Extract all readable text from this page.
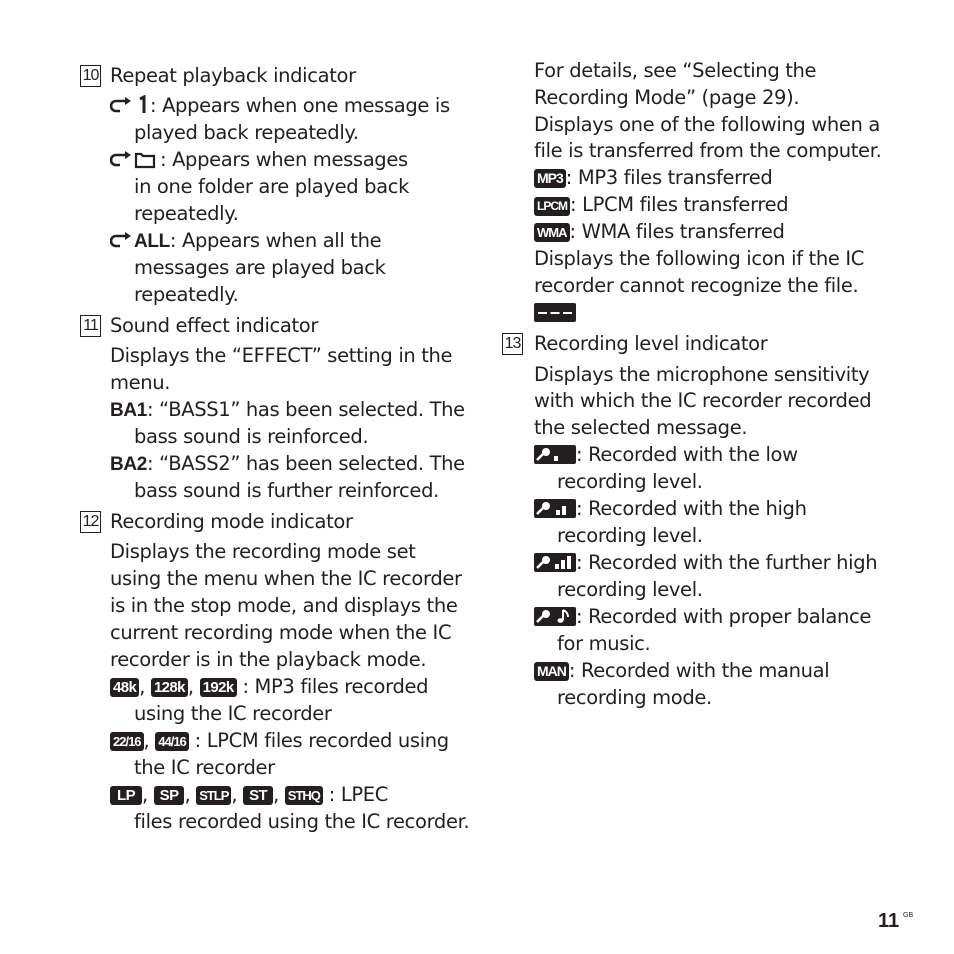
10 Repeat playback indicator
: Appears when one message is
played back repeatedly.
: Appears when messages
in one folder are played back
repeatedly.
ALL: Appears when all the
messages are played back
repeatedly.
11 Sound effect indicator
Displays the “EFFECT” setting in the
menu.
BA1: “BASS1” has been selected. The
bass sound is reinforced.
BA2: “BASS2” has been selected. The
bass sound is further reinforced.
12 Recording mode indicator
Displays the recording mode set
using the menu when the IC recorder
is in the stop mode, and displays the
current recording mode when the IC
recorder is in the playback mode.
48k , 128k , 192k : MP3 files recorded
using the IC recorder
22/16 , 44/16 : LPCM files recorded using
the IC recorder
LP , SP , STLP , ST , STHQ : LPEC
files recorded using the IC recorder.
For details, see “Selecting the
Recording Mode” (page 29).
Displays one of the following when a
file is transferred from the computer.
MP3 : MP3 files transferred
LPCM : LPCM files transferred
WMA : WMA files transferred
Displays the following icon if the IC
recorder cannot recognize the file.
13 Recording level indicator
Displays the microphone sensitivity
with which the IC recorder recorded
the selected message.
: Recorded with the low
recording level.
: Recorded with the high
recording level.
: Recorded with the further high
recording level.
: Recorded with proper balance
for music.
MAN : Recorded with the manual
recording mode.
11 GB
